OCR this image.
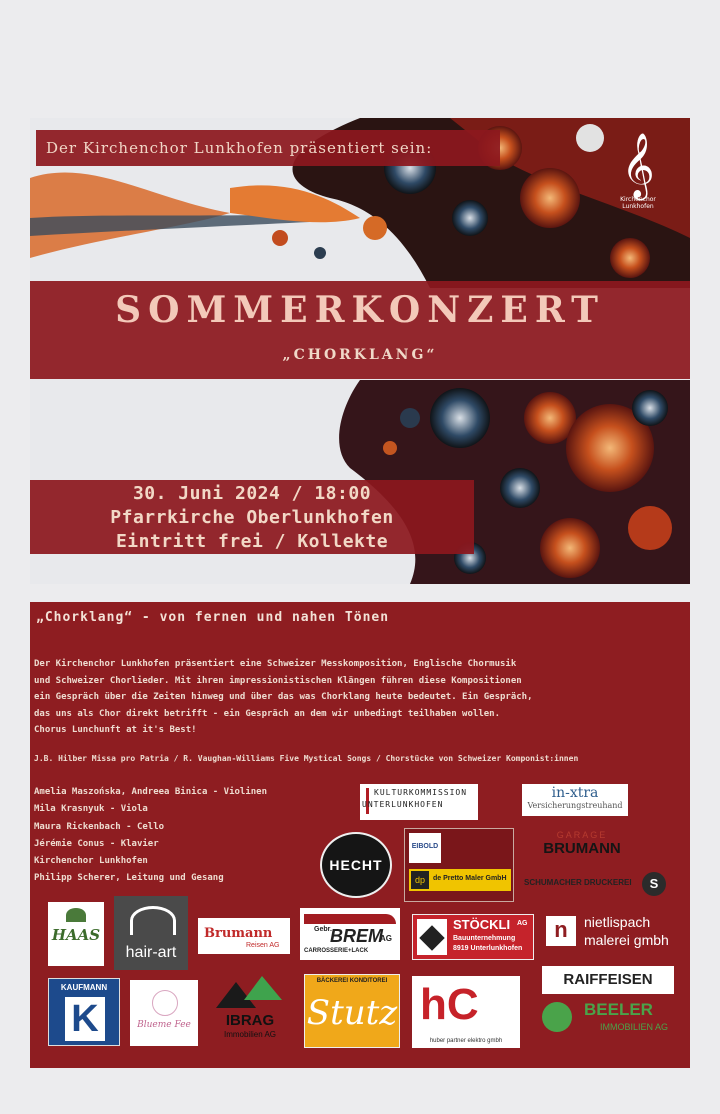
Der Kirchenchor Lunkhofen präsentiert sein:	𝄞
Kirchenchor
Lunkhofen
SOMMERKONZERT
„CHORKLANG“
30. Juni 2024 / 18:00
Pfarrkirche Oberlunkhofen
Eintritt frei / Kollekte
„Chorklang“ - von fernen und nahen Tönen
Der Kirchenchor Lunkhofen präsentiert eine Schweizer Messkomposition, Englische Chormusik
und Schweizer Chorlieder. Mit ihren impressionistischen Klängen führen diese Kompositionen
ein Gespräch über die Zeiten hinweg und über das was Chorklang heute bedeutet. Ein Gespräch,
das uns als Chor direkt betrifft - ein Gespräch an dem wir unbedingt teilhaben wollen.
Chorus Lunchunft at it's Best!
J.B. Hilber Missa pro Patria / R. Vaughan-Williams Five Mystical Songs / Chorstücke von Schweizer Komponist:innen
Amelia Maszońska, Andreea Binica - Violinen
Mila Krasnyuk - Viola
Maura Rickenbach - Cello
Jérémie Conus - Klavier
Kirchenchor Lunkhofen
Philipp Scherer, Leitung und Gesang
KULTURKOMMISSION
UNTERLUNKHOFEN
in-xtra
Versicherungstreuhand
HECHT
EIBOLD
dp	de Pretto Maler GmbH
GARAGE
BRUMANN
SCHUMACHER DRUCKEREI	S
HAAS
hair-art
Brumann
Reisen AG
Gebr.
BREM
AG
CARROSSERIE+LACK
STÖCKLI AG
Bauunternehmung
8919 Unterlunkhofen
n	nietlispach
malerei gmbh
RAIFFEISEN
KAUFMANN
K	Blueme Fee	IBRAG
Immobilien AG
BÄCKEREI KONDITOREI
Stutz hC
huber partner elektro gmbh
BEELER
IMMOBILIEN AG
